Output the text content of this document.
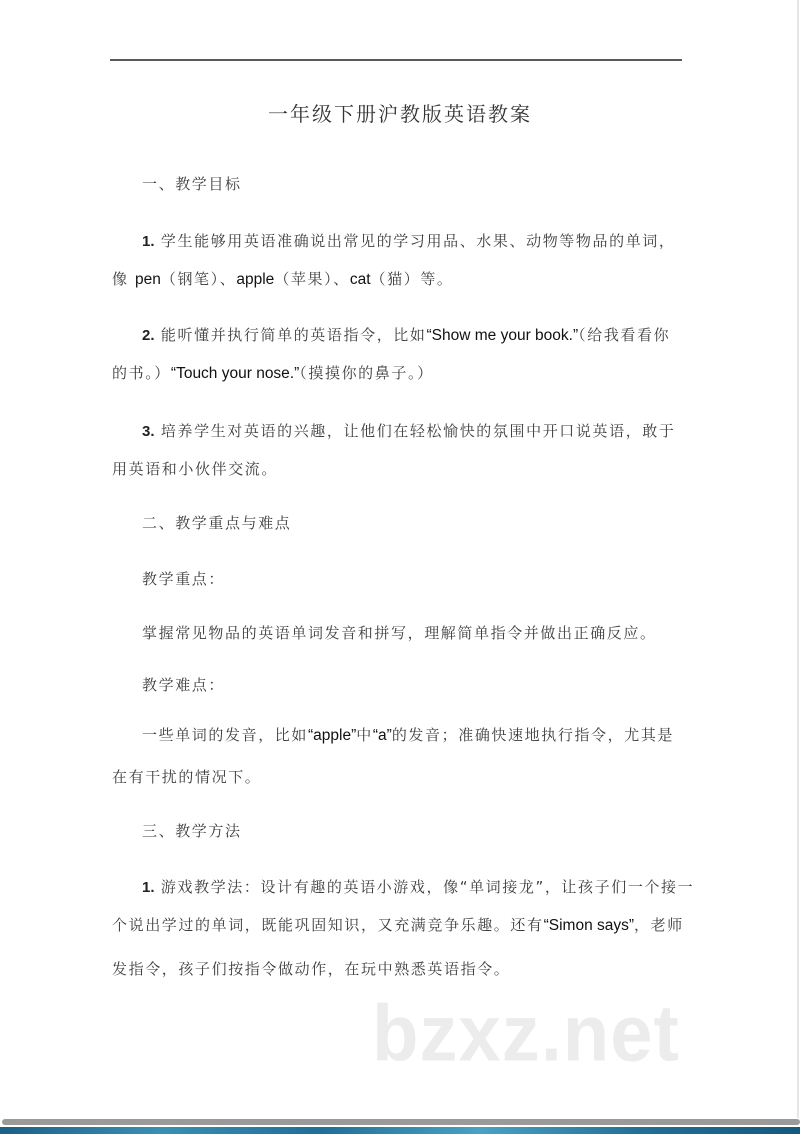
一年级下册沪教版英语教案
一、教学目标
1. 学生能够用英语准确说出常见的学习用品、水果、动物等物品的单词，
像 pen（钢笔）、apple（苹果）、cat（猫）等。
2. 能听懂并执行简单的英语指令，比如“Show me your book.”（给我看看你
的书。）“Touch your nose.”（摸摸你的鼻子。）
3. 培养学生对英语的兴趣，让他们在轻松愉快的氛围中开口说英语，敢于
用英语和小伙伴交流。
二、教学重点与难点
教学重点：
掌握常见物品的英语单词发音和拼写，理解简单指令并做出正确反应。
教学难点：
一些单词的发音，比如“apple”中“a”的发音；准确快速地执行指令，尤其是
在有干扰的情况下。
三、教学方法
1. 游戏教学法：设计有趣的英语小游戏，像“单词接龙”，让孩子们一个接一
个说出学过的单词，既能巩固知识，又充满竞争乐趣。还有“Simon says”，老师
发指令，孩子们按指令做动作，在玩中熟悉英语指令。
bzxz.net
